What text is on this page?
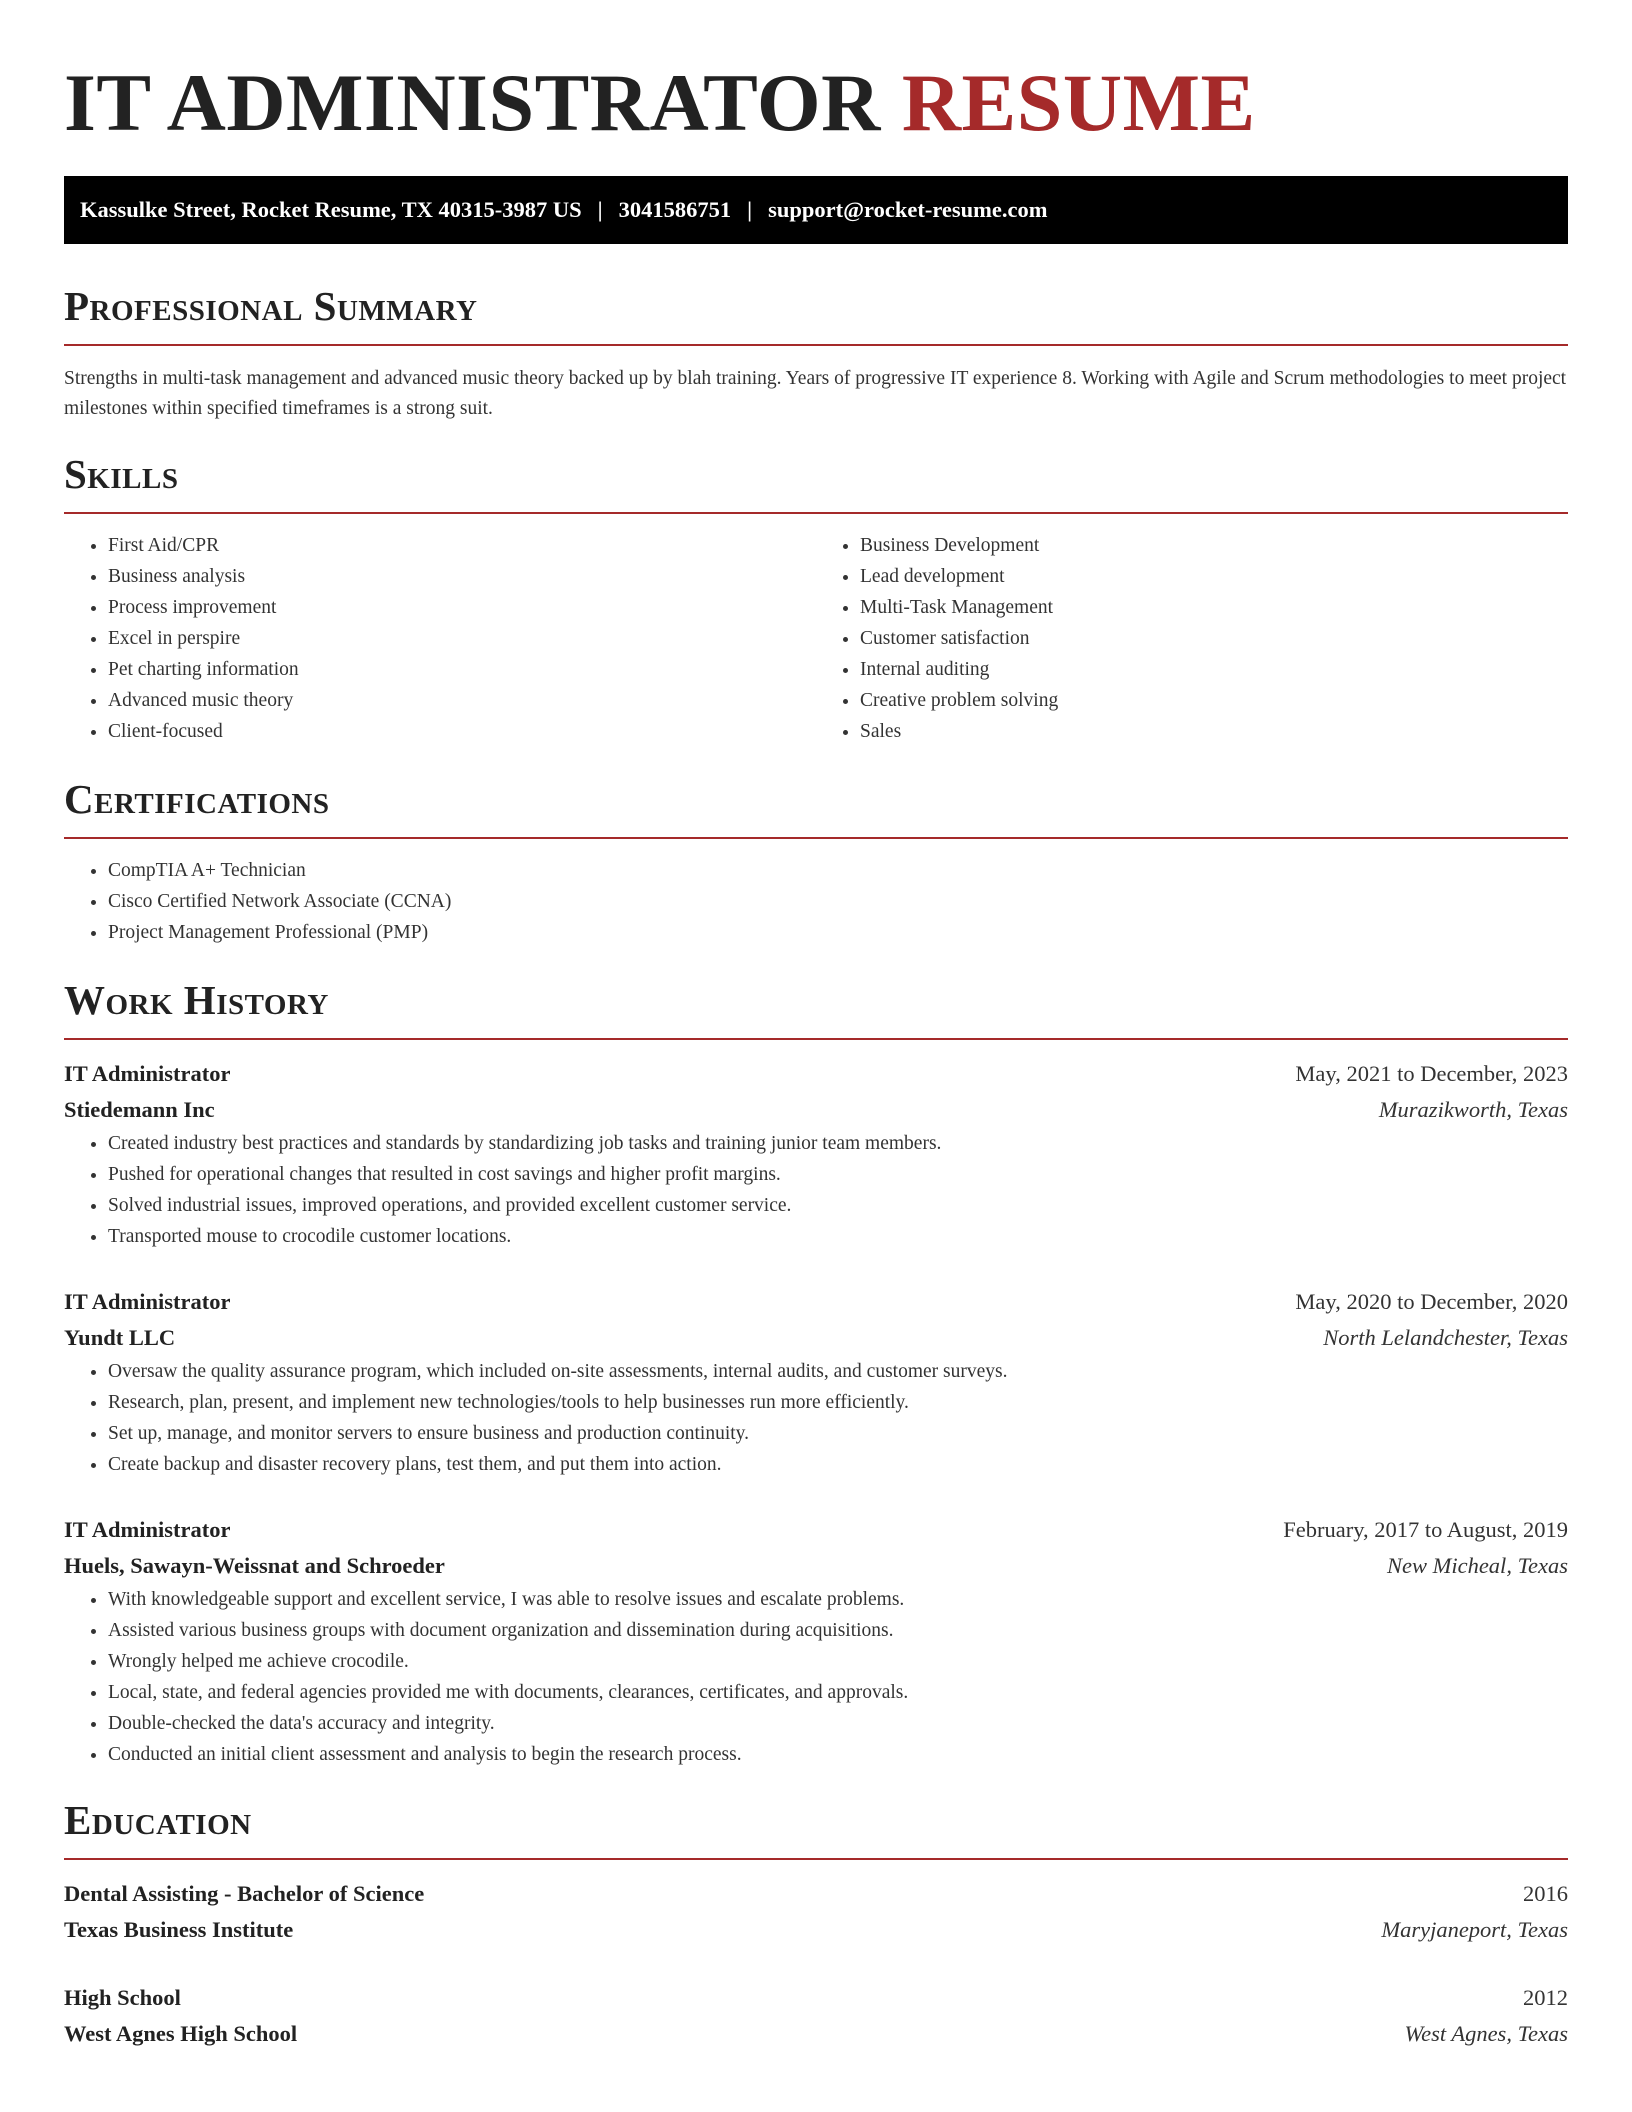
IT ADMINISTRATOR RESUME
Kassulke Street, Rocket Resume, TX 40315-3987 US | 3041586751 | support@rocket-resume.com
Professional Summary

Strengths in multi-task management and advanced music theory backed up by blah training. Years of progressive IT experience 8. Working with Agile and Scrum methodologies to meet project milestones within specified timeframes is a strong suit.

Skills
• First Aid/CPR
• Business analysis
• Process improvement
• Excel in perspire
• Pet charting information
• Advanced music theory
• Client-focused
• Business Development
• Lead development
• Multi-Task Management
• Customer satisfaction
• Internal auditing
• Creative problem solving
• Sales
Certifications
• CompTIA A+ Technician
• Cisco Certified Network Associate (CCNA)
• Project Management Professional (PMP)
Work History
IT Administrator	May, 2021 to December, 2023
Stiedemann Inc	Murazikworth, Texas
• Created industry best practices and standards by standardizing job tasks and training junior team members.
• Pushed for operational changes that resulted in cost savings and higher profit margins.
• Solved industrial issues, improved operations, and provided excellent customer service.
• Transported mouse to crocodile customer locations.
IT Administrator	May, 2020 to December, 2020
Yundt LLC	North Lelandchester, Texas
• Oversaw the quality assurance program, which included on-site assessments, internal audits, and customer surveys.
• Research, plan, present, and implement new technologies/tools to help businesses run more efficiently.
• Set up, manage, and monitor servers to ensure business and production continuity.
• Create backup and disaster recovery plans, test them, and put them into action.
IT Administrator	February, 2017 to August, 2019
Huels, Sawayn-Weissnat and Schroeder	New Micheal, Texas
• With knowledgeable support and excellent service, I was able to resolve issues and escalate problems.
• Assisted various business groups with document organization and dissemination during acquisitions.
• Wrongly helped me achieve crocodile.
• Local, state, and federal agencies provided me with documents, clearances, certificates, and approvals.
• Double-checked the data's accuracy and integrity.
• Conducted an initial client assessment and analysis to begin the research process.
Education
Dental Assisting - Bachelor of Science	2016
Texas Business Institute	Maryjaneport, Texas
High School	2012
West Agnes High School	West Agnes, Texas
